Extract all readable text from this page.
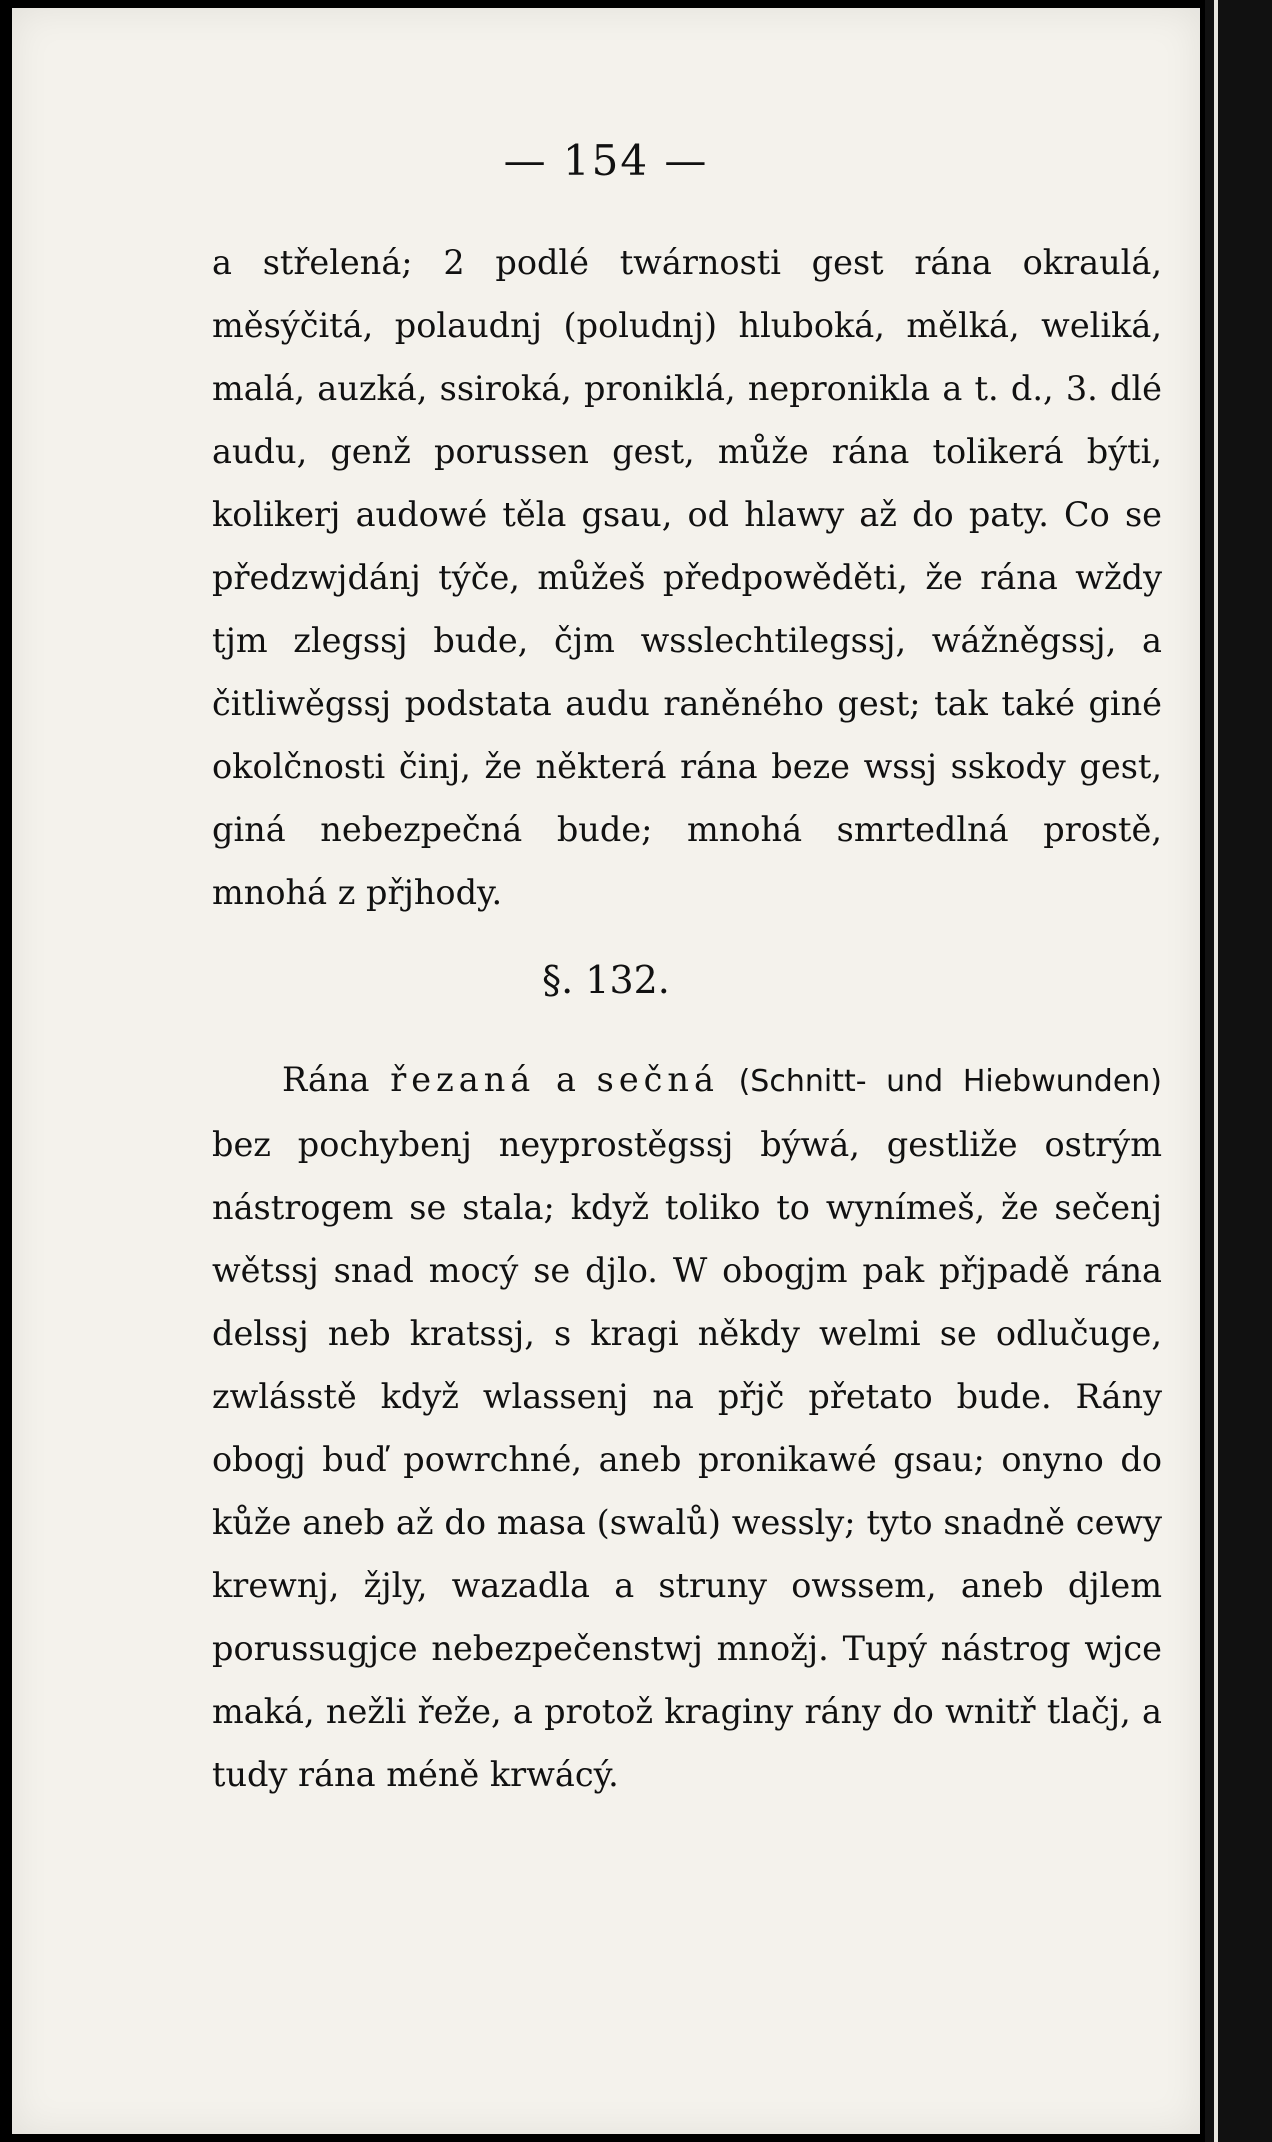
— 154 —
a střelená; 2 podlé twárnosti gest rána okraulá, měsýčitá, polaudnj (poludnj) hluboká, mělká, weliká, malá, auzká, ssiroká, proniklá, nepronikla a t. d., 3. dlé audu, genž porussen gest, může rána tolikerá býti, kolikerj audowé těla gsau, od hlawy až do paty. Co se předzwjdánj týče, můžeš předpowěděti, že rána wždy tjm zlegssj bude, čjm wsslechtilegssj, wážněgssj, a čitliwěgssj podstata audu raněného gest; tak také giné okolčnosti činj, že některá rána beze wssj sskody gest, giná nebezpečná bude; mnohá smrtedlná prostě, mnohá z přjhody.
§. 132.
Rána řezaná a sečná (Schnitt- und Hiebwunden) bez pochybenj neyprostěgssj býwá, gestliže ostrým nástrogem se stala; když toliko to wynímeš, že sečenj wětssj snad mocý se djlo. W obogjm pak přjpadě rána delssj neb kratssj, s kragi někdy welmi se odlučuge, zwlásstě když wlassenj na přjč přetato bude. Rány obogj buď powrchné, aneb pronikawé gsau; onyno do kůže aneb až do masa (swalů) wessly; tyto snadně cewy krewnj, žjly, wazadla a struny owssem, aneb djlem porussugjce nebezpečenstwj množj. Tupý nástrog wjce maká, nežli řeže, a protož kraginy rány do wnitř tlačj, a tudy rána méně krwácý.
